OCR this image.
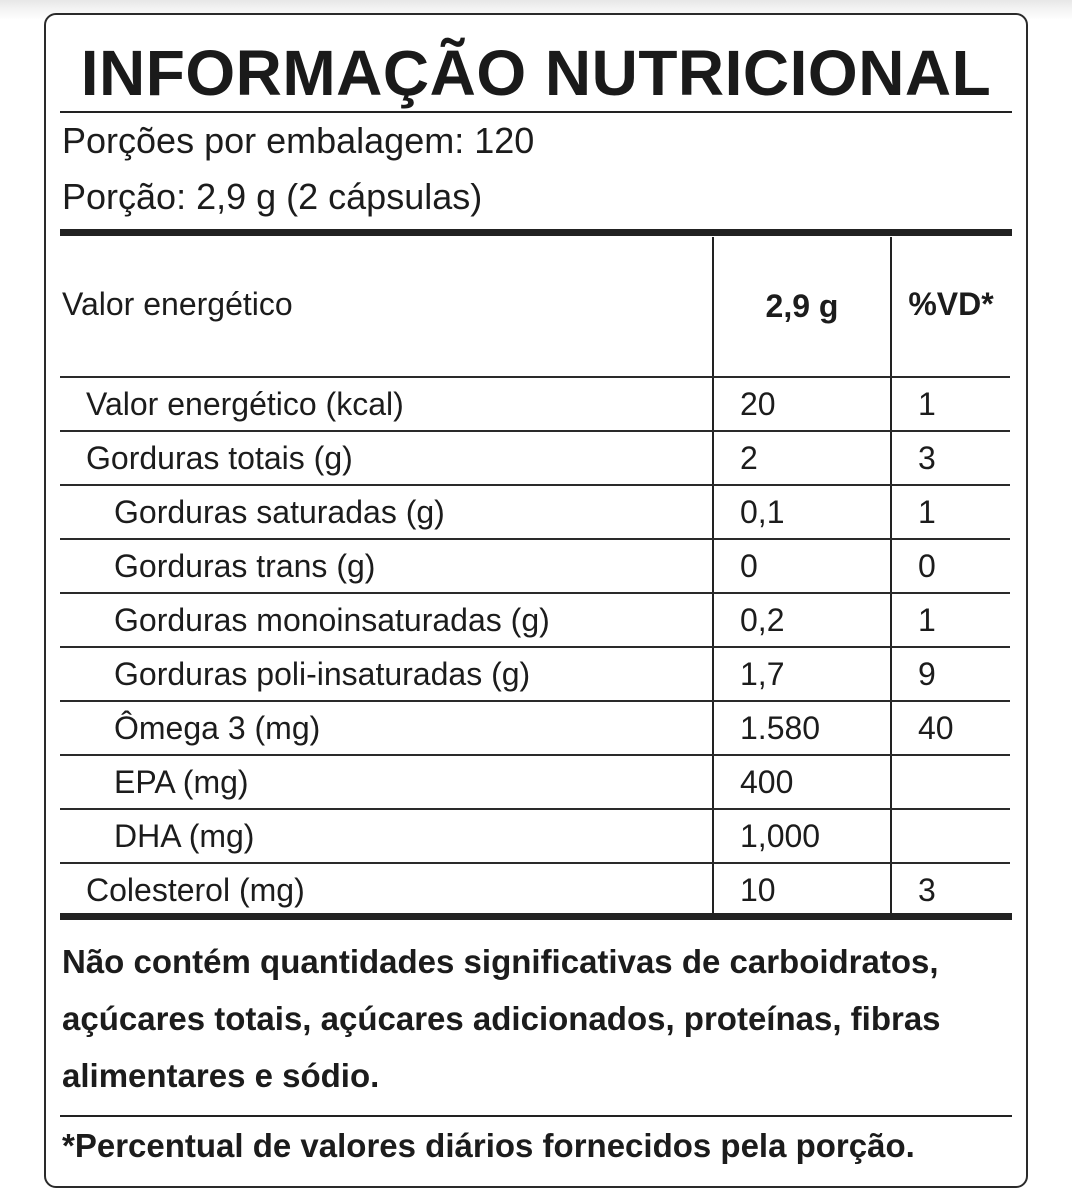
INFORMAÇÃO NUTRICIONAL
Porções por embalagem: 120
Porção: 2,9 g (2 cápsulas)
Valor energético	2,9 g	%VD*
Valor energético (kcal)	20	1
Gorduras totais (g)	2	3
Gorduras saturadas (g)	0,1	1
Gorduras trans (g)	0	0
Gorduras monoinsaturadas (g)	0,2	1
Gorduras poli-insaturadas (g)	1,7	9
Ômega 3 (mg)	1.580	40
EPA (mg)	400
DHA (mg)	1,000
Colesterol (mg)	10	3
Não contém quantidades significativas de carboidratos, açúcares totais, açúcares adicionados, proteínas, fibras alimentares e sódio.
*Percentual de valores diários fornecidos pela porção.
